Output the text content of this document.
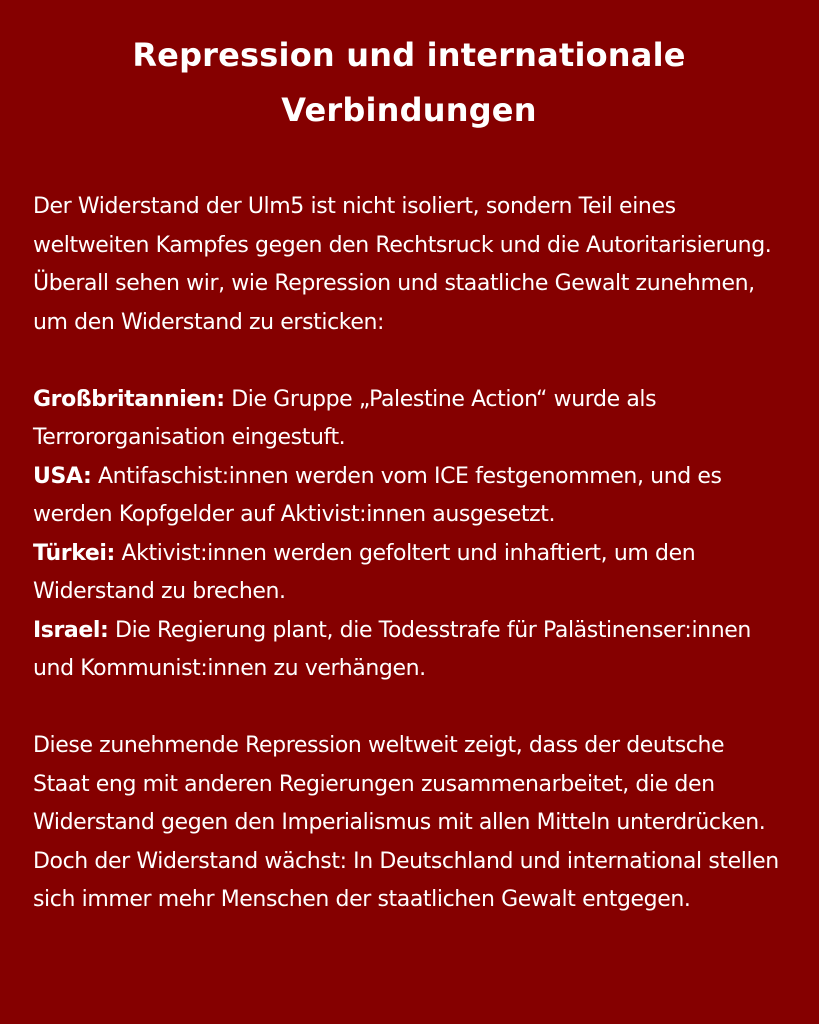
Repression und internationale
Verbindungen

Der Widerstand der Ulm5 ist nicht isoliert, sondern Teil eines weltweiten Kampfes gegen den Rechtsruck und die Autoritarisierung. Überall sehen wir, wie Repression und staatliche Gewalt zunehmen, um den Widerstand zu ersticken:

Großbritannien: Die Gruppe „Palestine Action“ wurde als Terrororganisation eingestuft.

USA: Antifaschist:innen werden vom ICE festgenommen, und es werden Kopfgelder auf Aktivist:innen ausgesetzt.

Türkei: Aktivist:innen werden gefoltert und inhaftiert, um den Widerstand zu brechen.

Israel: Die Regierung plant, die Todesstrafe für Palästinenser:innen und Kommunist:innen zu verhängen.

Diese zunehmende Repression weltweit zeigt, dass der deutsche Staat eng mit anderen Regierungen zusammenarbeitet, die den Widerstand gegen den Imperialismus mit allen Mitteln unterdrücken. Doch der Widerstand wächst: In Deutschland und international stellen sich immer mehr Menschen der staatlichen Gewalt entgegen.
